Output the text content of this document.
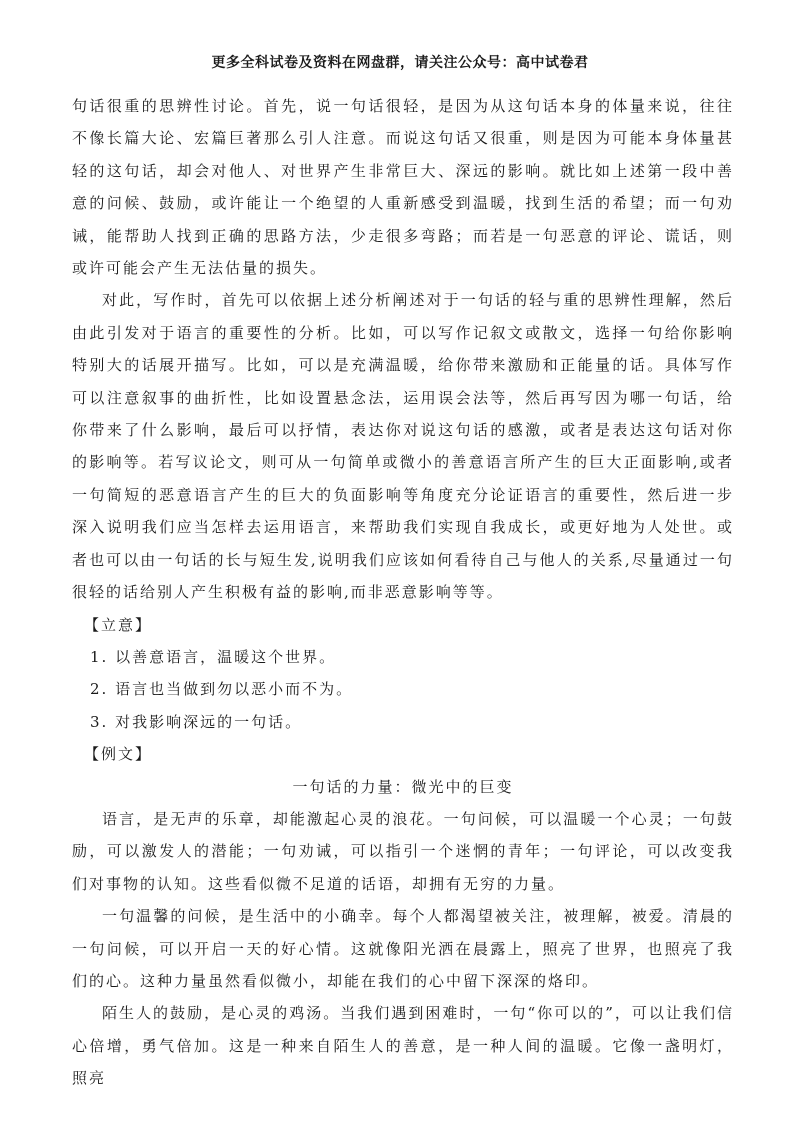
更多全科试卷及资料在网盘群，请关注公众号：高中试卷君

句话很重的思辨性讨论。首先，说一句话很轻，是因为从这句话本身的体量来说，往往不像长篇大论、宏篇巨著那么引人注意。而说这句话又很重，则是因为可能本身体量甚轻的这句话，却会对他人、对世界产生非常巨大、深远的影响。就比如上述第一段中善意的问候、鼓励，或许能让一个绝望的人重新感受到温暖，找到生活的希望；而一句劝诫，能帮助人找到正确的思路方法，少走很多弯路；而若是一句恶意的评论、谎话，则或许可能会产生无法估量的损失。

对此，写作时，首先可以依据上述分析阐述对于一句话的轻与重的思辨性理解，然后由此引发对于语言的重要性的分析。比如，可以写作记叙文或散文，选择一句给你影响特别大的话展开描写。比如，可以是充满温暖，给你带来激励和正能量的话。具体写作可以注意叙事的曲折性，比如设置悬念法，运用误会法等，然后再写因为哪一句话，给你带来了什么影响，最后可以抒情，表达你对说这句话的感激，或者是表达这句话对你的影响等。若写议论文，则可从一句简单或微小的善意语言所产生的巨大正面影响,或者一句简短的恶意语言产生的巨大的负面影响等角度充分论证语言的重要性，然后进一步深入说明我们应当怎样去运用语言，来帮助我们实现自我成长，或更好地为人处世。或者也可以由一句话的长与短生发,说明我们应该如何看待自己与他人的关系,尽量通过一句很轻的话给别人产生积极有益的影响,而非恶意影响等等。

【立意】

1. 以善意语言，温暖这个世界。

2. 语言也当做到勿以恶小而不为。

3. 对我影响深远的一句话。

【例文】

一句话的力量：微光中的巨变

语言，是无声的乐章，却能激起心灵的浪花。一句问候，可以温暖一个心灵；一句鼓励，可以激发人的潜能；一句劝诫，可以指引一个迷惘的青年；一句评论，可以改变我们对事物的认知。这些看似微不足道的话语，却拥有无穷的力量。

一句温馨的问候，是生活中的小确幸。每个人都渴望被关注，被理解，被爱。清晨的一句问候，可以开启一天的好心情。这就像阳光洒在晨露上，照亮了世界，也照亮了我们的心。这种力量虽然看似微小，却能在我们的心中留下深深的烙印。

陌生人的鼓励，是心灵的鸡汤。当我们遇到困难时，一句“你可以的”，可以让我们信心倍增，勇气倍加。这是一种来自陌生人的善意，是一种人间的温暖。它像一盏明灯，照亮
